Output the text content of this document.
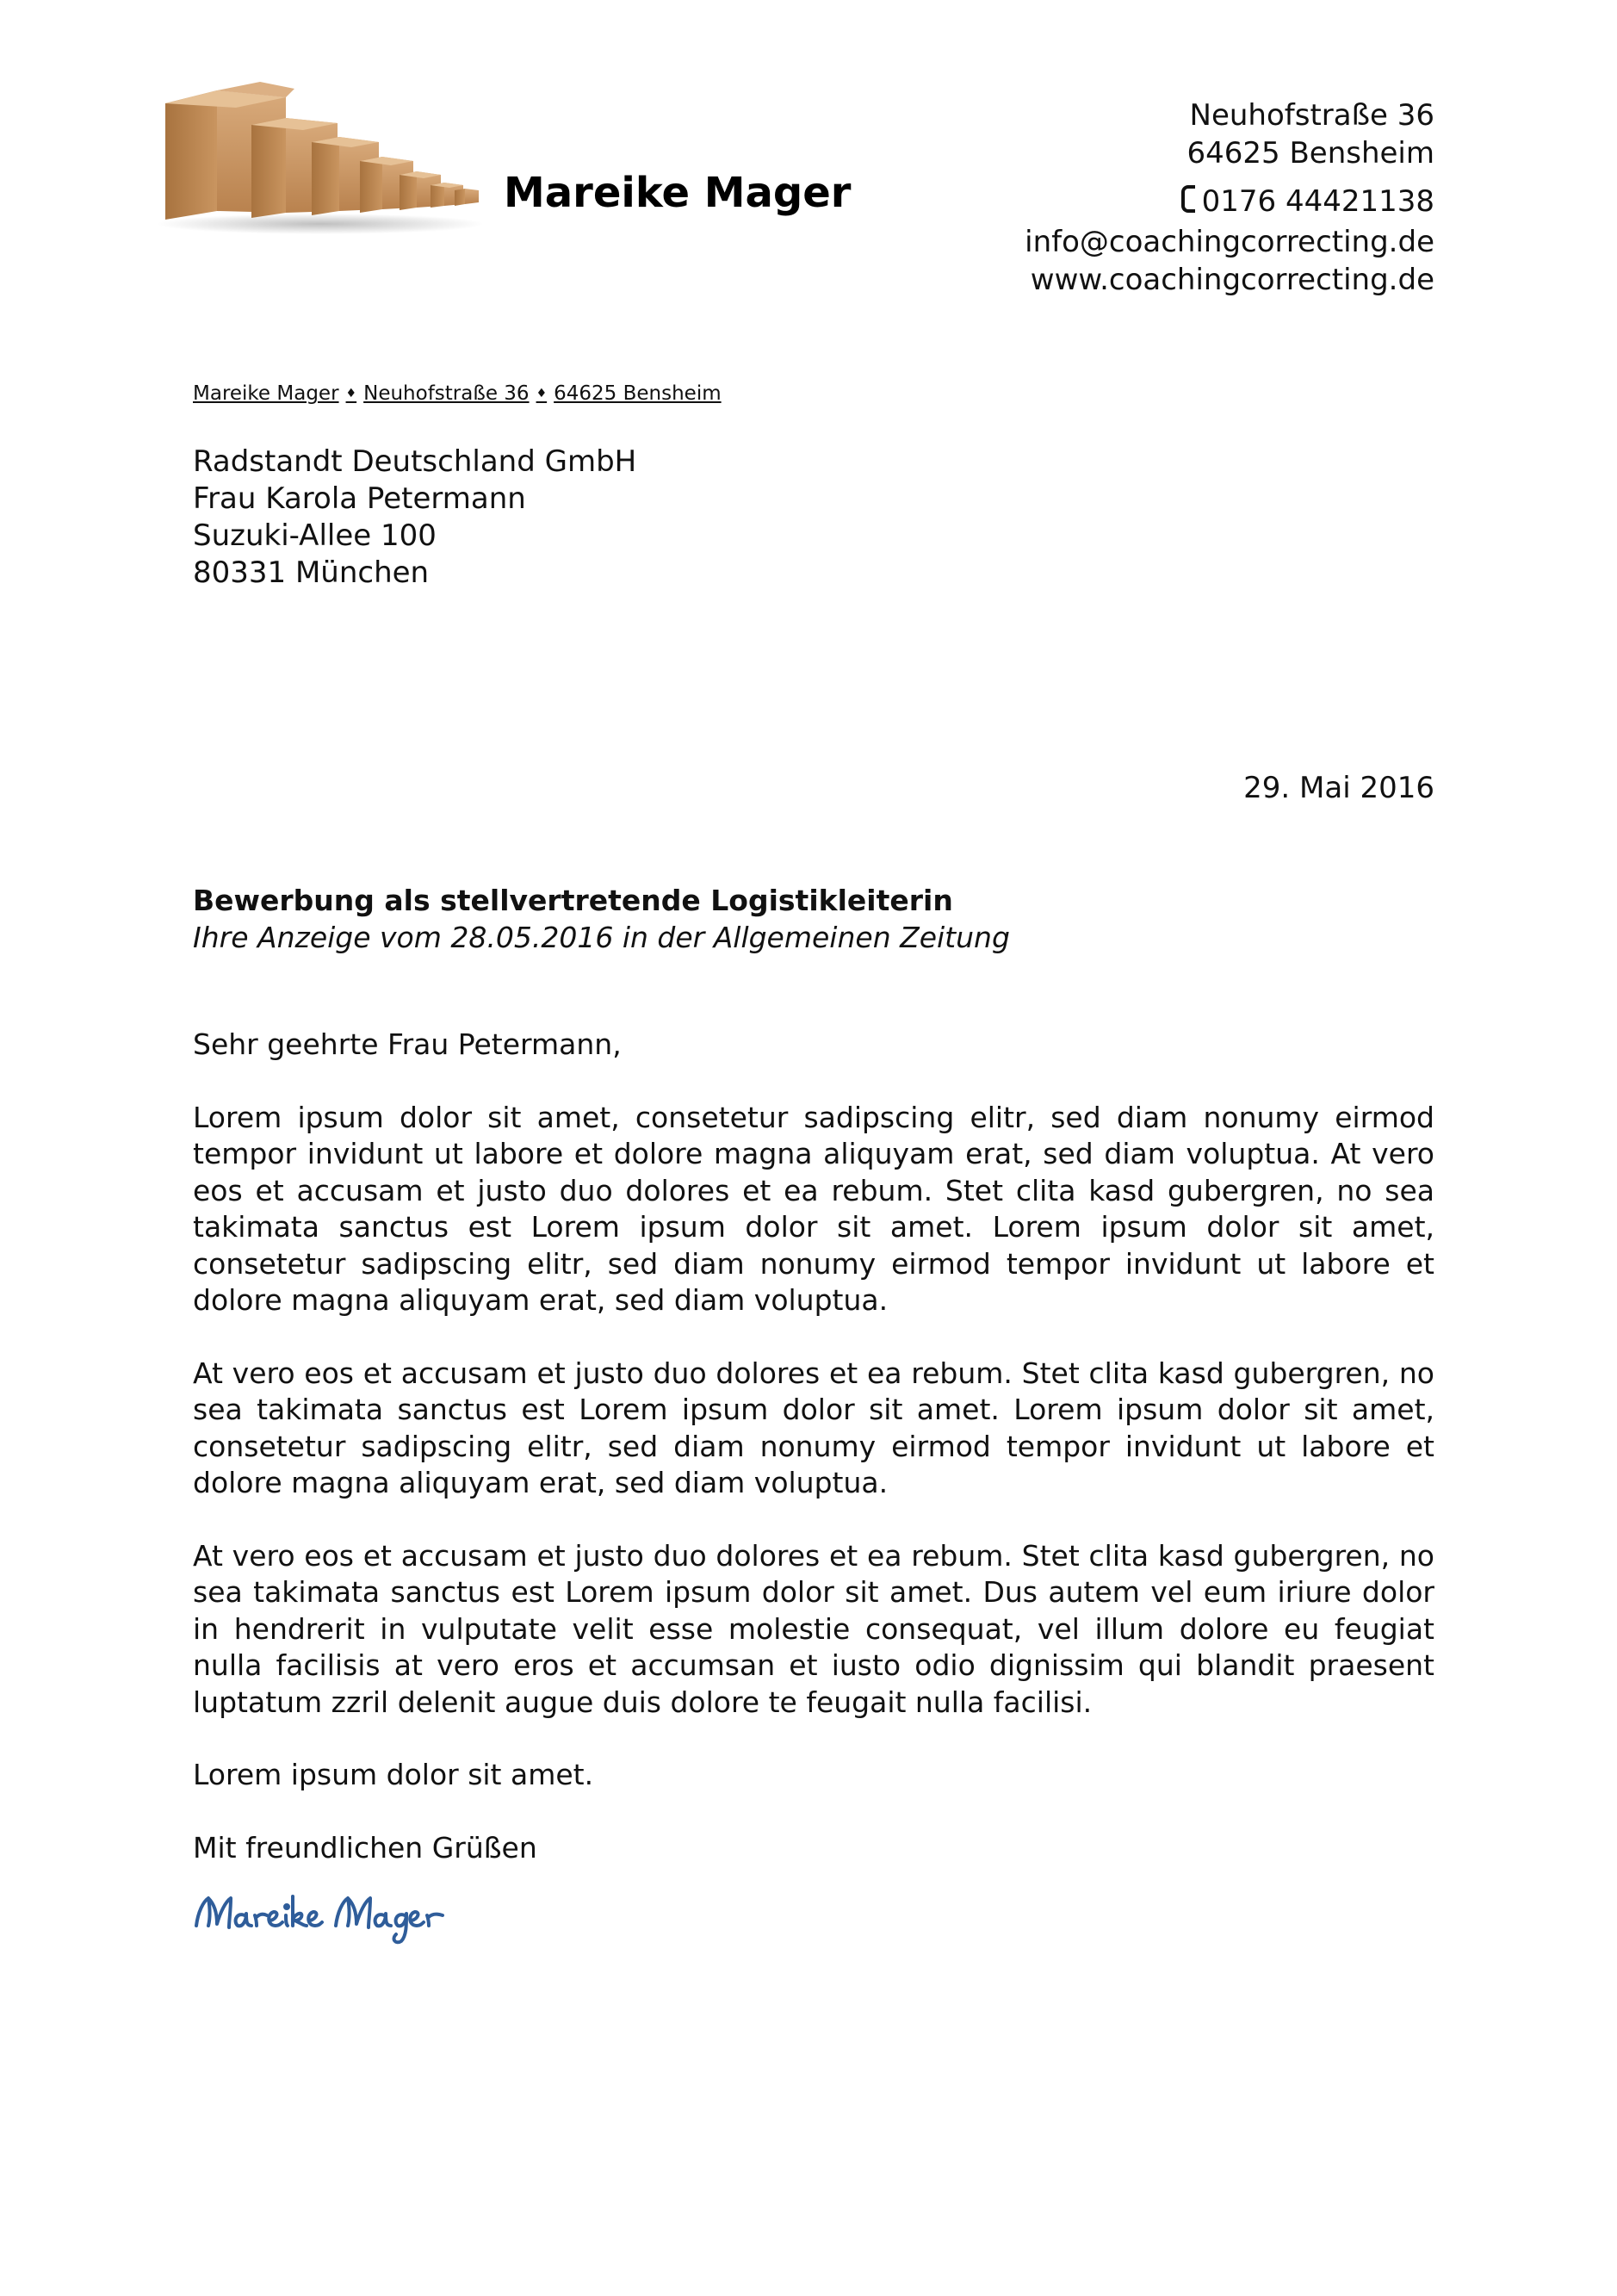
Mareike Mager
Neuhofstraße 36
64625 Bensheim
0176 44421138
info@coachingcorrecting.de
www.coachingcorrecting.de
Mareike Mager ♦ Neuhofstraße 36 ♦ 64625 Bensheim
Radstandt Deutschland GmbH
Frau Karola Petermann
Suzuki-Allee 100
80331 München
29. Mai 2016
Bewerbung als stellvertretende Logistikleiterin
Ihre Anzeige vom 28.05.2016 in der Allgemeinen Zeitung

Sehr geehrte Frau Petermann,

Lorem ipsum dolor sit amet, consetetur sadipscing elitr, sed diam nonumy eirmod tempor invidunt ut labore et dolore magna aliquyam erat, sed diam voluptua. At vero eos et accusam et justo duo dolores et ea rebum. Stet clita kasd gubergren, no sea takimata sanctus est Lorem ipsum dolor sit amet. Lorem ipsum dolor sit amet, consetetur sadipscing elitr, sed diam nonumy eirmod tempor invidunt ut labore et dolore magna aliquyam erat, sed diam voluptua.

At vero eos et accusam et justo duo dolores et ea rebum. Stet clita kasd gubergren, no sea takimata sanctus est Lorem ipsum dolor sit amet. Lorem ipsum dolor sit amet, consetetur sadipscing elitr, sed diam nonumy eirmod tempor invidunt ut labore et dolore magna aliquyam erat, sed diam voluptua.

At vero eos et accusam et justo duo dolores et ea rebum. Stet clita kasd gubergren, no sea takimata sanctus est Lorem ipsum dolor sit amet. Dus autem vel eum iriure dolor in hendrerit in vulputate velit esse molestie consequat, vel illum dolore eu feugiat nulla facilisis at vero eros et accumsan et iusto odio dignissim qui blandit praesent luptatum zzril delenit augue duis dolore te feugait nulla facilisi.

Lorem ipsum dolor sit amet.

Mit freundlichen Grüßen
